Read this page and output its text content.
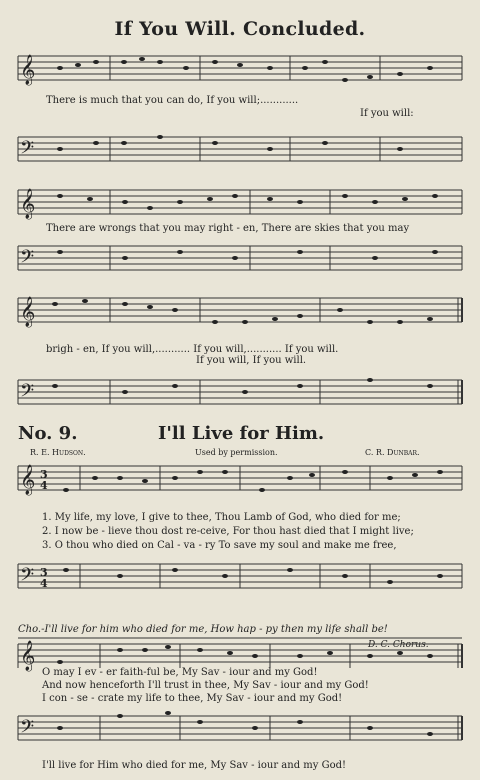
If You Will. Concluded.
𝄞
There is much that you can do, If you will;............
If you will:
𝄢
𝄞
There are wrongs that you may right - en, There are skies that you may
𝄢
𝄞
brigh - en, If you will,........... If you will,........... If you will.
If you will, If you will.
𝄢
No. 9.	I'll Live for Him.
R. E. Hudson.	Used by permission.	C. R. Dunbar.
𝄞 3
4
1. My life, my love, I give to thee, Thou Lamb of God, who died for me;
2. I now be - lieve thou dost re-ceive, For thou hast died that I might live;
3. O thou who died on Cal - va - ry To save my soul and make me free,
𝄢 3
4
Cho.-I'll live for him who died for me, How hap - py then my life shall be!
D. C. Chorus.
𝄞
O may I ev - er faith-ful be, My Sav - iour and my God!
And now henceforth I'll trust in thee, My Sav - iour and my God!
I con - se - crate my life to thee, My Sav - iour and my God!
𝄢
I'll live for Him who died for me, My Sav - iour and my God!
